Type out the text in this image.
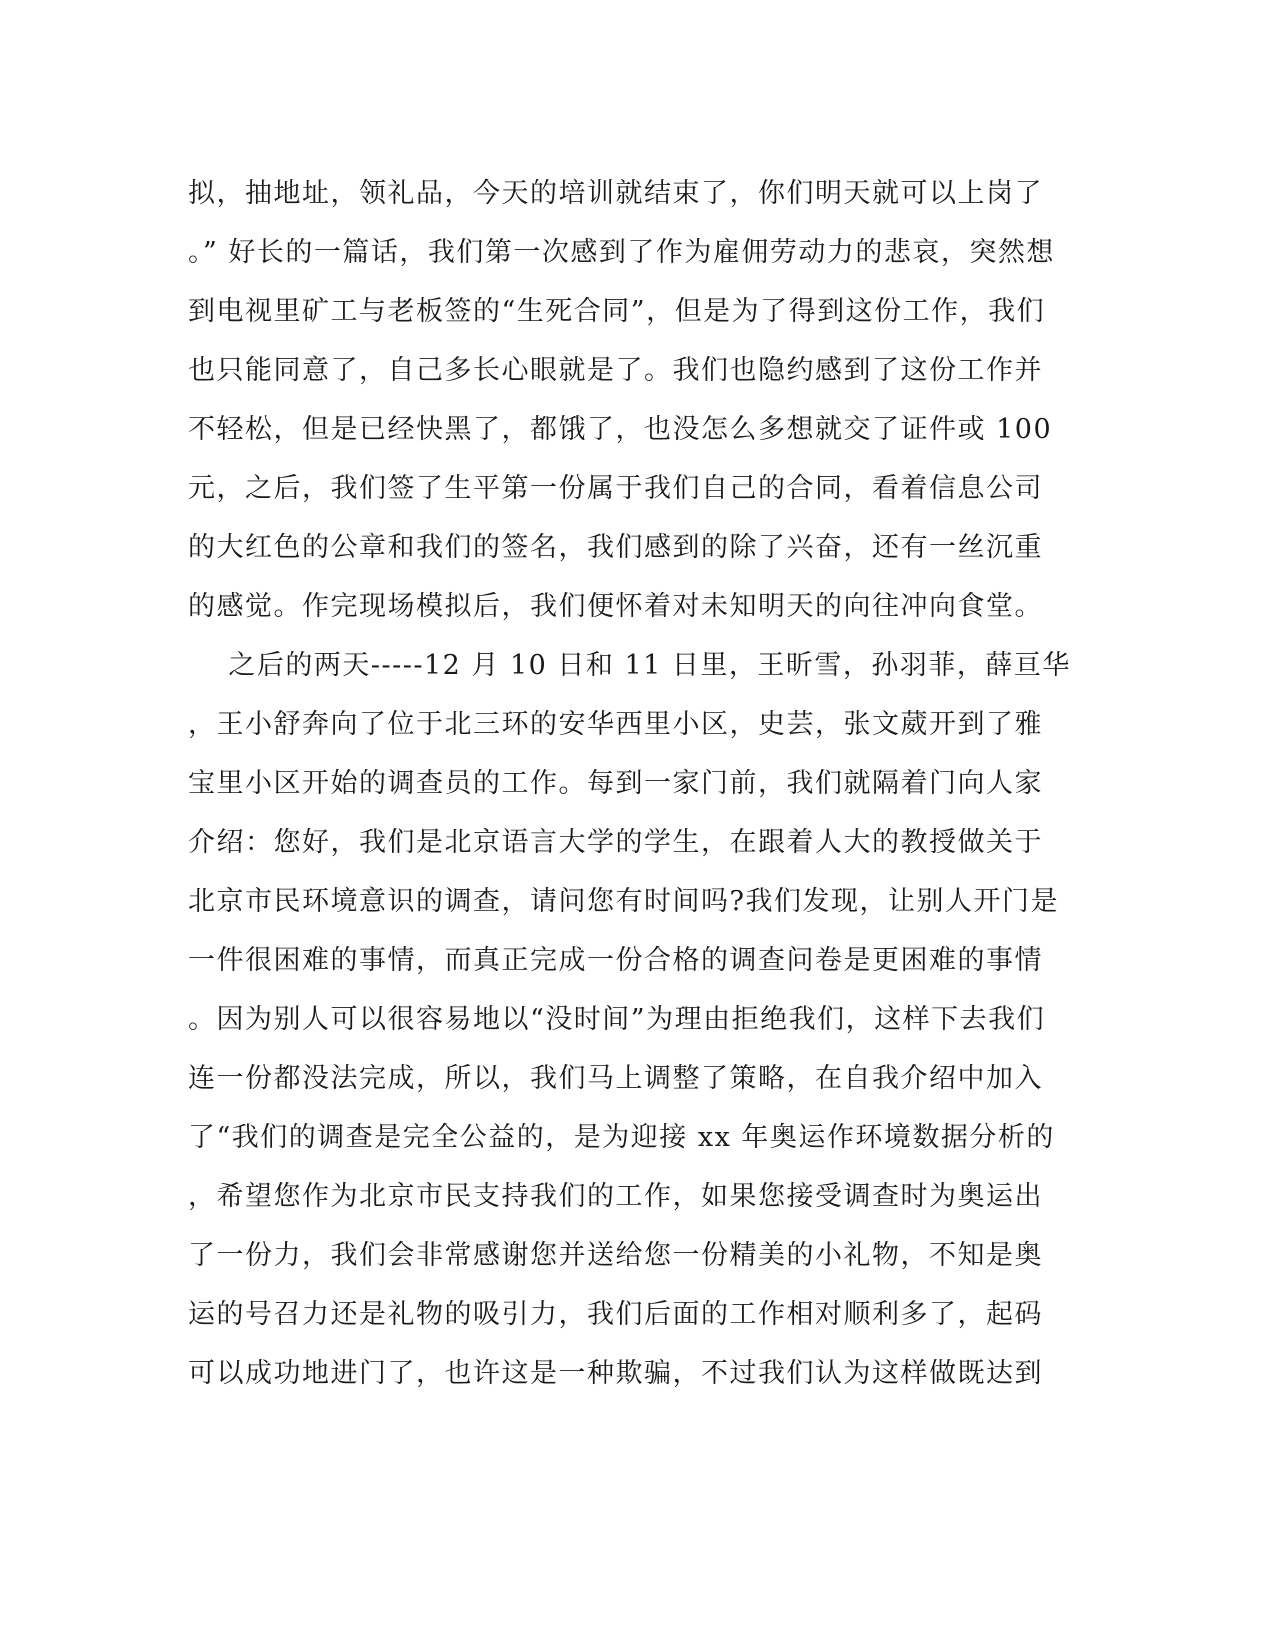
拟，抽地址，领礼品，今天的培训就结束了，你们明天就可以上岗了
。” 好长的一篇话，我们第一次感到了作为雇佣劳动力的悲哀，突然想
到电视里矿工与老板签的“生死合同”，但是为了得到这份工作，我们
也只能同意了，自己多长心眼就是了。我们也隐约感到了这份工作并
不轻松，但是已经快黑了，都饿了，也没怎么多想就交了证件或 100
元，之后，我们签了生平第一份属于我们自己的合同，看着信息公司
的大红色的公章和我们的签名，我们感到的除了兴奋，还有一丝沉重
的感觉。作完现场模拟后，我们便怀着对未知明天的向往冲向食堂。
之后的两天-----12 月 10 日和 11 日里，王昕雪，孙羽菲，薛亘华
，王小舒奔向了位于北三环的安华西里小区，史芸，张文葳开到了雅
宝里小区开始的调查员的工作。每到一家门前，我们就隔着门向人家
介绍：您好，我们是北京语言大学的学生，在跟着人大的教授做关于
北京市民环境意识的调查，请问您有时间吗?我们发现，让别人开门是
一件很困难的事情，而真正完成一份合格的调查问卷是更困难的事情
。因为别人可以很容易地以“没时间”为理由拒绝我们，这样下去我们
连一份都没法完成，所以，我们马上调整了策略，在自我介绍中加入
了“我们的调查是完全公益的，是为迎接 xx 年奥运作环境数据分析的
，希望您作为北京市民支持我们的工作，如果您接受调查时为奥运出
了一份力，我们会非常感谢您并送给您一份精美的小礼物，不知是奥
运的号召力还是礼物的吸引力，我们后面的工作相对顺利多了，起码
可以成功地进门了，也许这是一种欺骗，不过我们认为这样做既达到
